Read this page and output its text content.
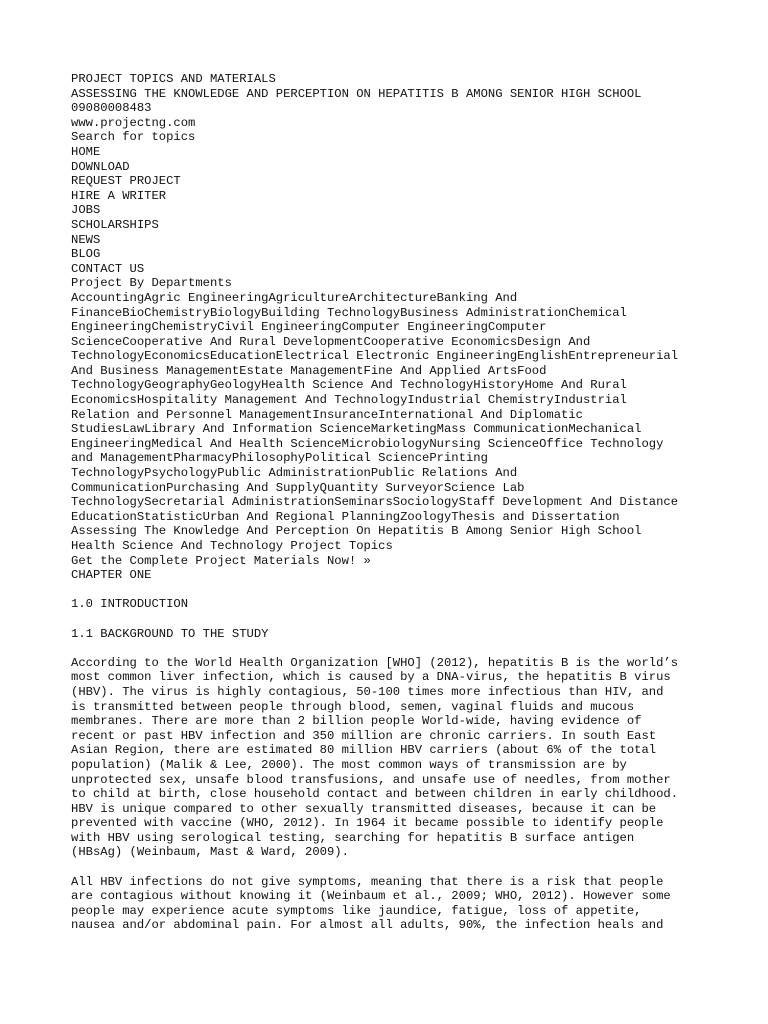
PROJECT TOPICS AND MATERIALS
ASSESSING THE KNOWLEDGE AND PERCEPTION ON HEPATITIS B AMONG SENIOR HIGH SCHOOL
09080008483
www.projectng.com
Search for topics
HOME
DOWNLOAD
REQUEST PROJECT
HIRE A WRITER
JOBS
SCHOLARSHIPS
NEWS
BLOG
CONTACT US
Project By Departments
AccountingAgric EngineeringAgricultureArchitectureBanking And
FinanceBioChemistryBiologyBuilding TechnologyBusiness AdministrationChemical
EngineeringChemistryCivil EngineeringComputer EngineeringComputer
ScienceCooperative And Rural DevelopmentCooperative EconomicsDesign And
TechnologyEconomicsEducationElectrical Electronic EngineeringEnglishEntrepreneurial
And Business ManagementEstate ManagementFine And Applied ArtsFood
TechnologyGeographyGeologyHealth Science And TechnologyHistoryHome And Rural
EconomicsHospitality Management And TechnologyIndustrial ChemistryIndustrial
Relation and Personnel ManagementInsuranceInternational And Diplomatic
StudiesLawLibrary And Information ScienceMarketingMass CommunicationMechanical
EngineeringMedical And Health ScienceMicrobiologyNursing ScienceOffice Technology
and ManagementPharmacyPhilosophyPolitical SciencePrinting
TechnologyPsychologyPublic AdministrationPublic Relations And
CommunicationPurchasing And SupplyQuantity SurveyorScience Lab
TechnologySecretarial AdministrationSeminarsSociologyStaff Development And Distance
EducationStatisticUrban And Regional PlanningZoologyThesis and Dissertation
Assessing The Knowledge And Perception On Hepatitis B Among Senior High School
Health Science And Technology Project Topics
Get the Complete Project Materials Now! »
CHAPTER ONE
1.0 INTRODUCTION
1.1 BACKGROUND TO THE STUDY
According to the World Health Organization [WHO] (2012), hepatitis B is the world’s
most common liver infection, which is caused by a DNA-virus, the hepatitis B virus
(HBV). The virus is highly contagious, 50-100 times more infectious than HIV, and
is transmitted between people through blood, semen, vaginal fluids and mucous
membranes. There are more than 2 billion people World-wide, having evidence of
recent or past HBV infection and 350 million are chronic carriers. In south East
Asian Region, there are estimated 80 million HBV carriers (about 6% of the total
population) (Malik & Lee, 2000). The most common ways of transmission are by
unprotected sex, unsafe blood transfusions, and unsafe use of needles, from mother
to child at birth, close household contact and between children in early childhood.
HBV is unique compared to other sexually transmitted diseases, because it can be
prevented with vaccine (WHO, 2012). In 1964 it became possible to identify people
with HBV using serological testing, searching for hepatitis B surface antigen
(HBsAg) (Weinbaum, Mast & Ward, 2009).
All HBV infections do not give symptoms, meaning that there is a risk that people
are contagious without knowing it (Weinbaum et al., 2009; WHO, 2012). However some
people may experience acute symptoms like jaundice, fatigue, loss of appetite,
nausea and/or abdominal pain. For almost all adults, 90%, the infection heals and
